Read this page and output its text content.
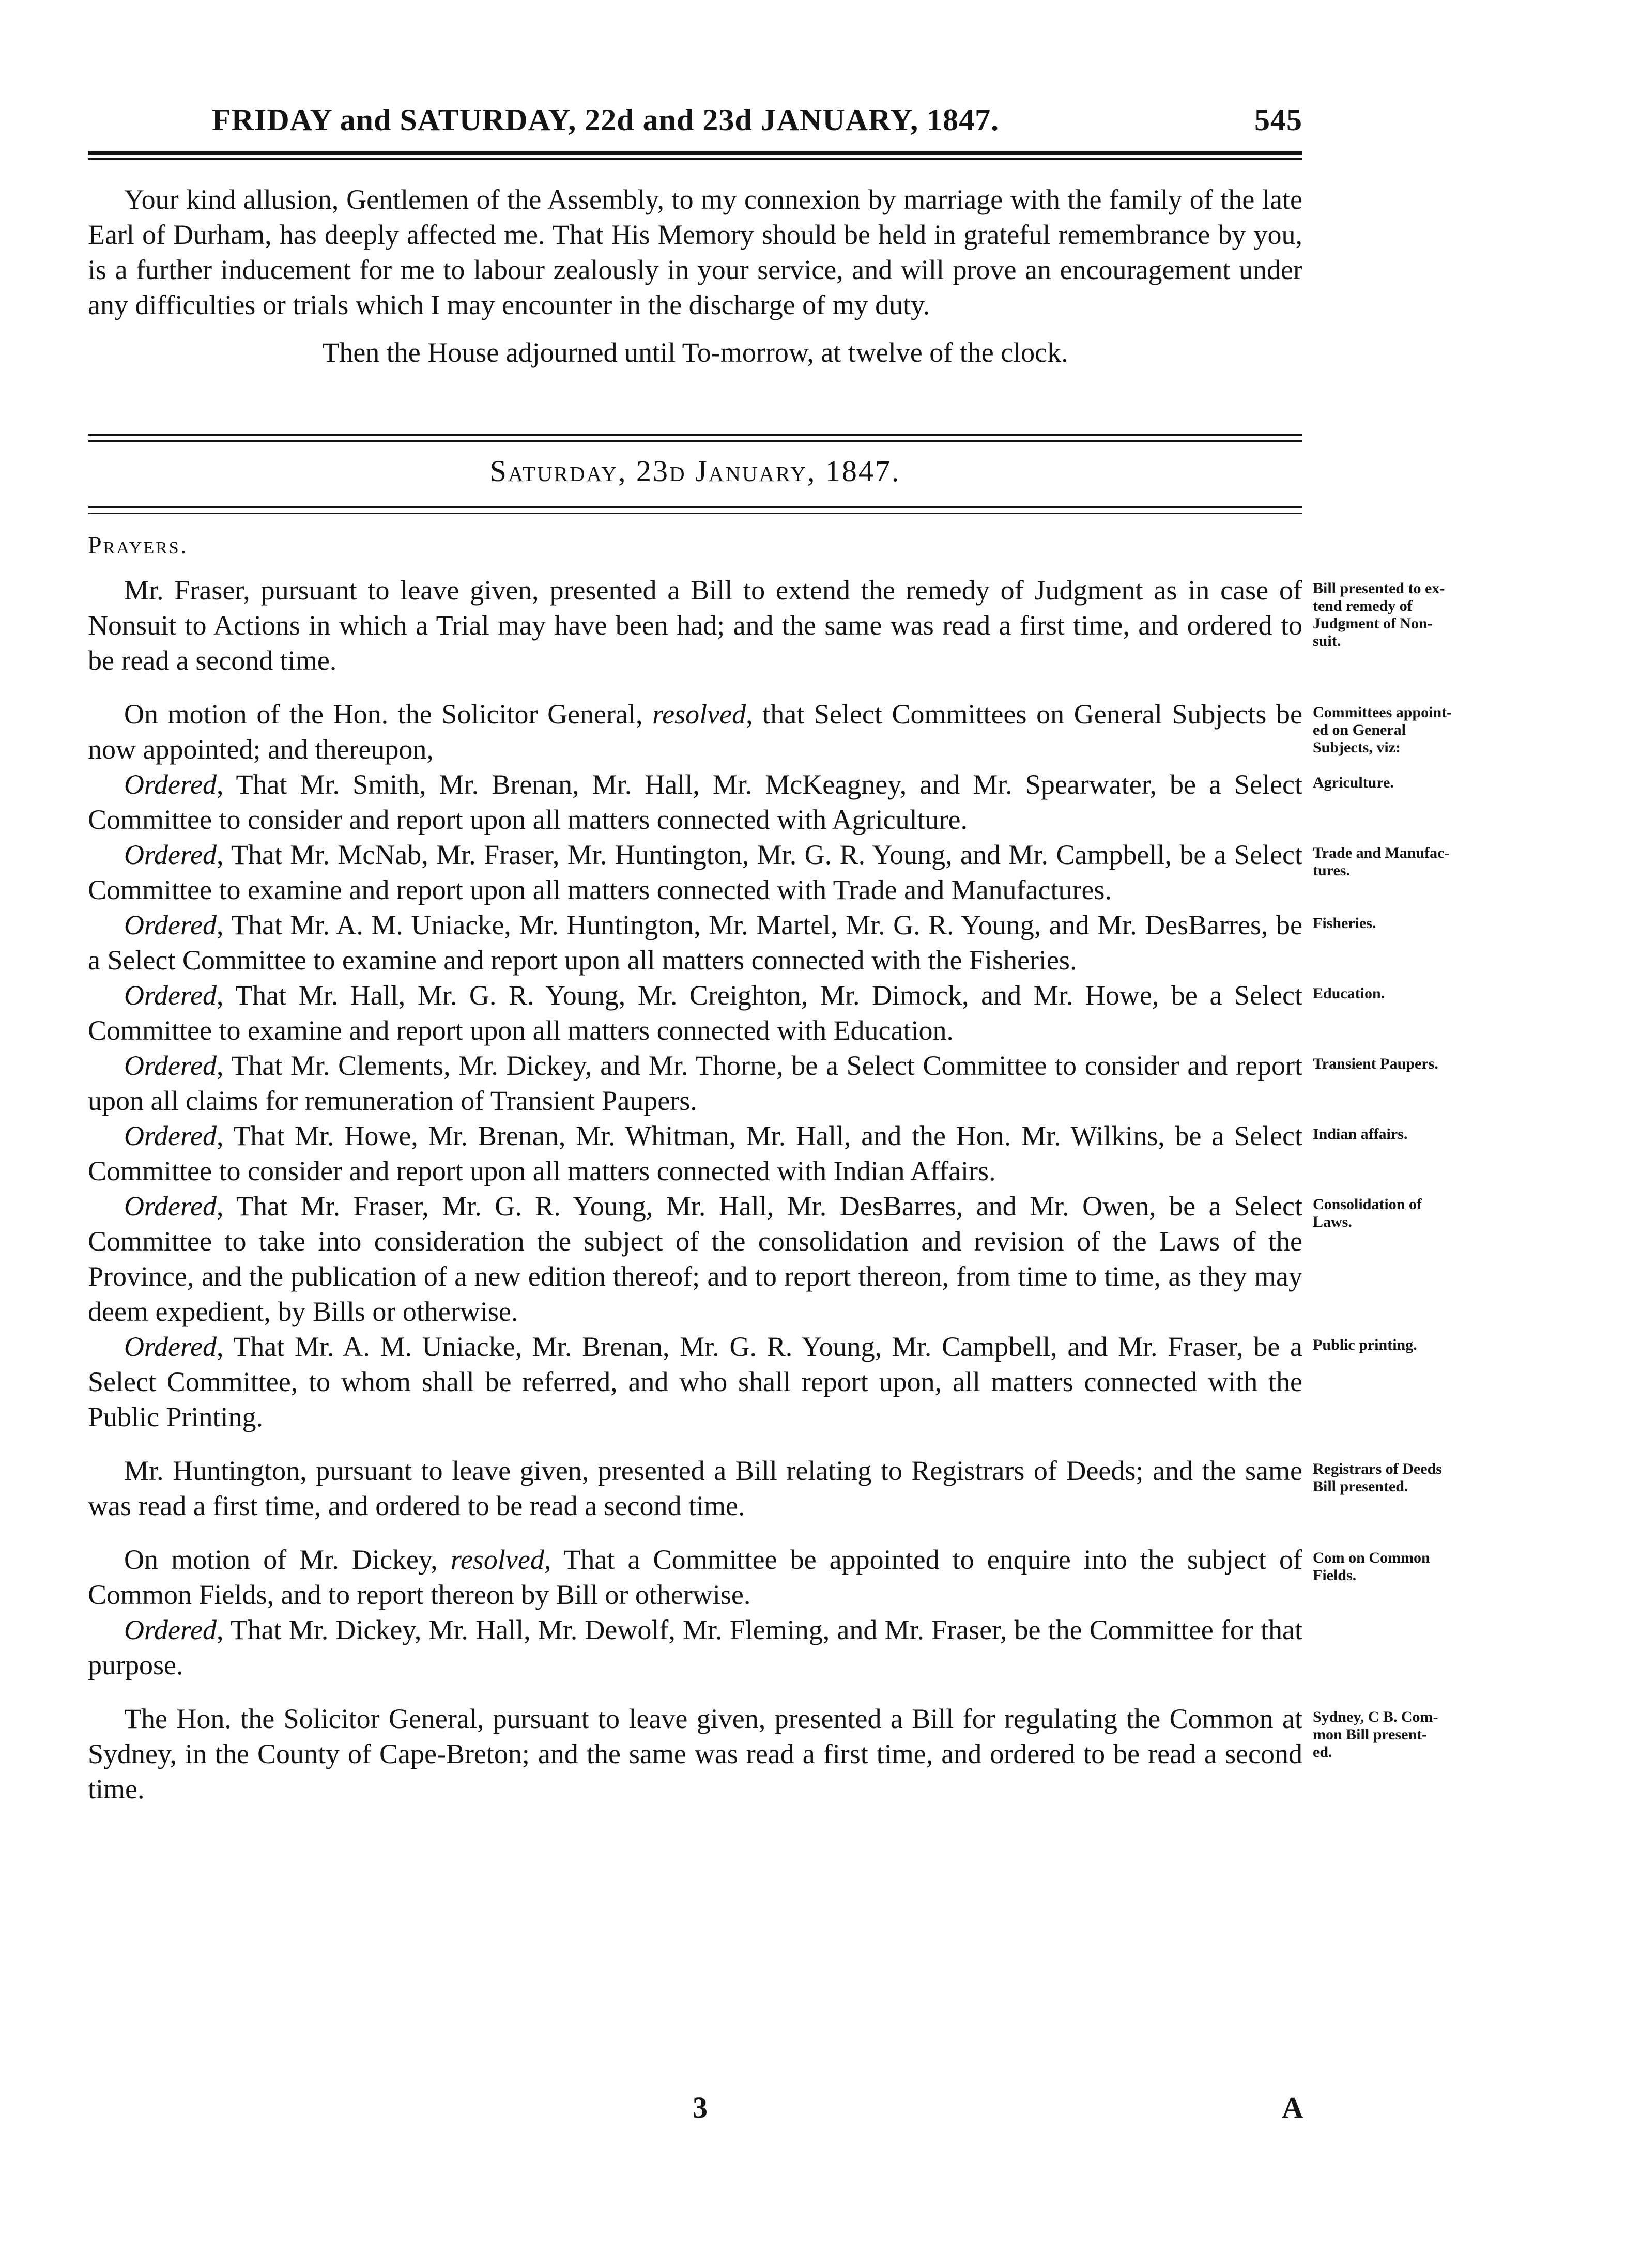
FRIDAY and SATURDAY, 22d and 23d JANUARY, 1847.	545

Your kind allusion, Gentlemen of the Assembly, to my connexion by marriage with the family of the late Earl of Durham, has deeply affected me. That His Memory should be held in grateful remembrance by you, is a further inducement for me to labour zealously in your service, and will prove an encouragement under any difficulties or trials which I may encounter in the discharge of my duty.

Then the House adjourned until To-morrow, at twelve of the clock.

Saturday, 23d January, 1847.
Prayers.

Mr. Fraser, pursuant to leave given, presented a Bill to extend the remedy of Judgment as in case of Nonsuit to Actions in which a Trial may have been had; and the same was read a first time, and ordered to be read a second time.

On motion of the Hon. the Solicitor General, resolved, that Select Committees on General Subjects be now appointed; and thereupon,

Ordered, That Mr. Smith, Mr. Brenan, Mr. Hall, Mr. McKeagney, and Mr. Spearwater, be a Select Committee to consider and report upon all matters connected with Agriculture.

Ordered, That Mr. McNab, Mr. Fraser, Mr. Huntington, Mr. G. R. Young, and Mr. Campbell, be a Select Committee to examine and report upon all matters connected with Trade and Manufactures.

Ordered, That Mr. A. M. Uniacke, Mr. Huntington, Mr. Martel, Mr. G. R. Young, and Mr. DesBarres, be a Select Committee to examine and report upon all matters connected with the Fisheries.

Ordered, That Mr. Hall, Mr. G. R. Young, Mr. Creighton, Mr. Dimock, and Mr. Howe, be a Select Committee to examine and report upon all matters connected with Education.

Ordered, That Mr. Clements, Mr. Dickey, and Mr. Thorne, be a Select Committee to consider and report upon all claims for remuneration of Transient Paupers.

Ordered, That Mr. Howe, Mr. Brenan, Mr. Whitman, Mr. Hall, and the Hon. Mr. Wilkins, be a Select Committee to consider and report upon all matters connected with Indian Affairs.

Ordered, That Mr. Fraser, Mr. G. R. Young, Mr. Hall, Mr. DesBarres, and Mr. Owen, be a Select Committee to take into consideration the subject of the consolidation and revision of the Laws of the Province, and the publication of a new edition thereof; and to report thereon, from time to time, as they may deem expedient, by Bills or otherwise.

Ordered, That Mr. A. M. Uniacke, Mr. Brenan, Mr. G. R. Young, Mr. Campbell, and Mr. Fraser, be a Select Committee, to whom shall be referred, and who shall report upon, all matters connected with the Public Printing.

Mr. Huntington, pursuant to leave given, presented a Bill relating to Registrars of Deeds; and the same was read a first time, and ordered to be read a second time.

On motion of Mr. Dickey, resolved, That a Committee be appointed to enquire into the subject of Common Fields, and to report thereon by Bill or otherwise.

Ordered, That Mr. Dickey, Mr. Hall, Mr. Dewolf, Mr. Fleming, and Mr. Fraser, be the Committee for that purpose.

The Hon. the Solicitor General, pursuant to leave given, presented a Bill for regulating the Common at Sydney, in the County of Cape-Breton; and the same was read a first time, and ordered to be read a second time.

3	A
Bill presented to ex-
tend remedy of
Judgment of Non-
suit.
Committees appoint-
ed on General
Subjects, viz:
Agriculture.
Trade and Manufac-
tures.
Fisheries.
Education.
Transient Paupers.
Indian affairs.
Consolidation of
Laws.
Public printing.
Registrars of Deeds
Bill presented.
Com on Common
Fields.
Sydney, C B. Com-
mon Bill present-
ed.
